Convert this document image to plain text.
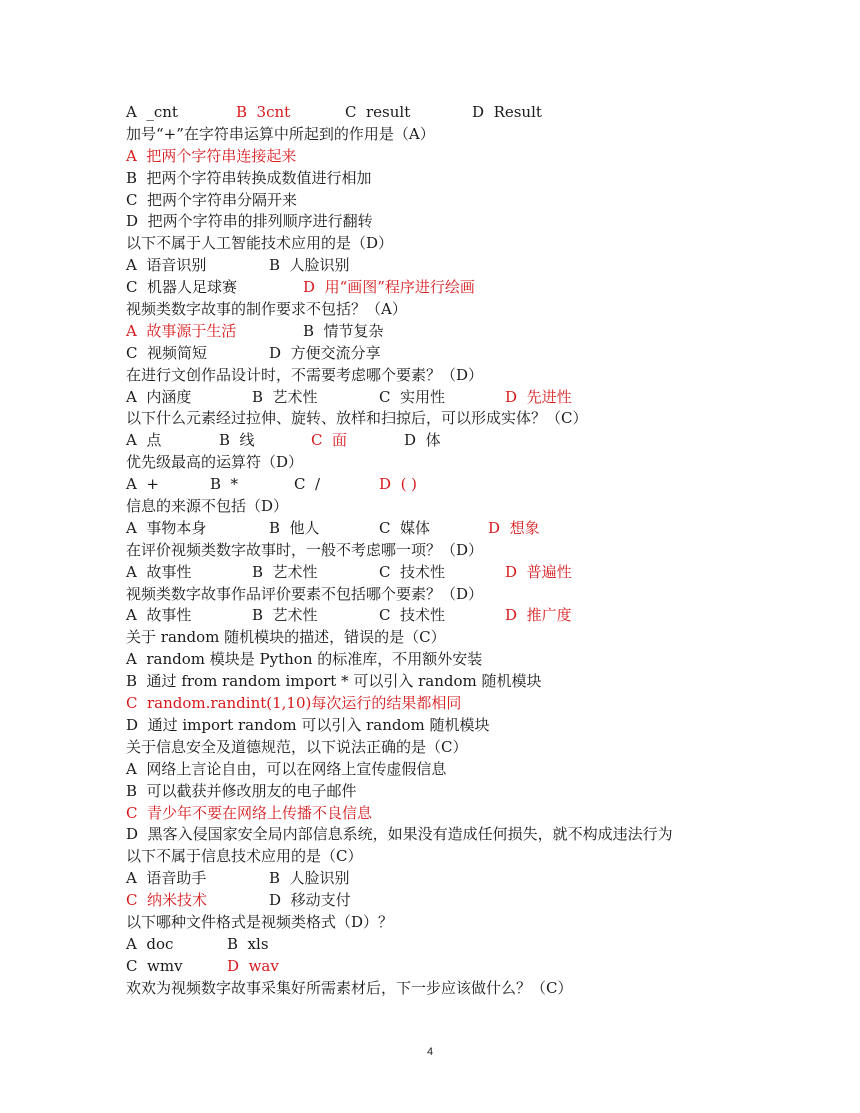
A  _cnt	B  3cnt	C  result	D  Result
加号“+”在字符串运算中所起到的作用是（A）
A  把两个字符串连接起来
B  把两个字符串转换成数值进行相加
C  把两个字符串分隔开来
D  把两个字符串的排列顺序进行翻转
以下不属于人工智能技术应用的是（D）
A  语音识别	B  人脸识别
C  机器人足球赛	D  用“画图”程序进行绘画
视频类数字故事的制作要求不包括？（A）
A  故事源于生活	B  情节复杂
C  视频简短	D  方便交流分享
在进行文创作品设计时，不需要考虑哪个要素？（D）
A  内涵度	B  艺术性	C  实用性	D  先进性
以下什么元素经过拉伸、旋转、放样和扫掠后，可以形成实体？（C）
A  点	B  线	C  面	D  体
优先级最高的运算符（D）
A  +	B  *	C  /	D  ( )
信息的来源不包括（D）
A  事物本身	B  他人	C  媒体	D  想象
在评价视频类数字故事时，一般不考虑哪一项？（D）
A  故事性	B  艺术性	C  技术性	D  普遍性
视频类数字故事作品评价要素不包括哪个要素？（D）
A  故事性	B  艺术性	C  技术性	D  推广度
关于 random 随机模块的描述，错误的是（C）
A  random 模块是 Python 的标准库，不用额外安装
B  通过 from random import * 可以引入 random 随机模块
C  random.randint(1,10)每次运行的结果都相同
D  通过 import random 可以引入 random 随机模块
关于信息安全及道德规范，以下说法正确的是（C）
A  网络上言论自由，可以在网络上宣传虚假信息
B  可以截获并修改朋友的电子邮件
C  青少年不要在网络上传播不良信息
D  黑客入侵国家安全局内部信息系统，如果没有造成任何损失，就不构成违法行为
以下不属于信息技术应用的是（C）
A  语音助手	B  人脸识别
C  纳米技术	D  移动支付
以下哪种文件格式是视频类格式（D）？
A  doc	B  xls
C  wmv	D  wav
欢欢为视频数字故事采集好所需素材后，下一步应该做什么？（C）
4
